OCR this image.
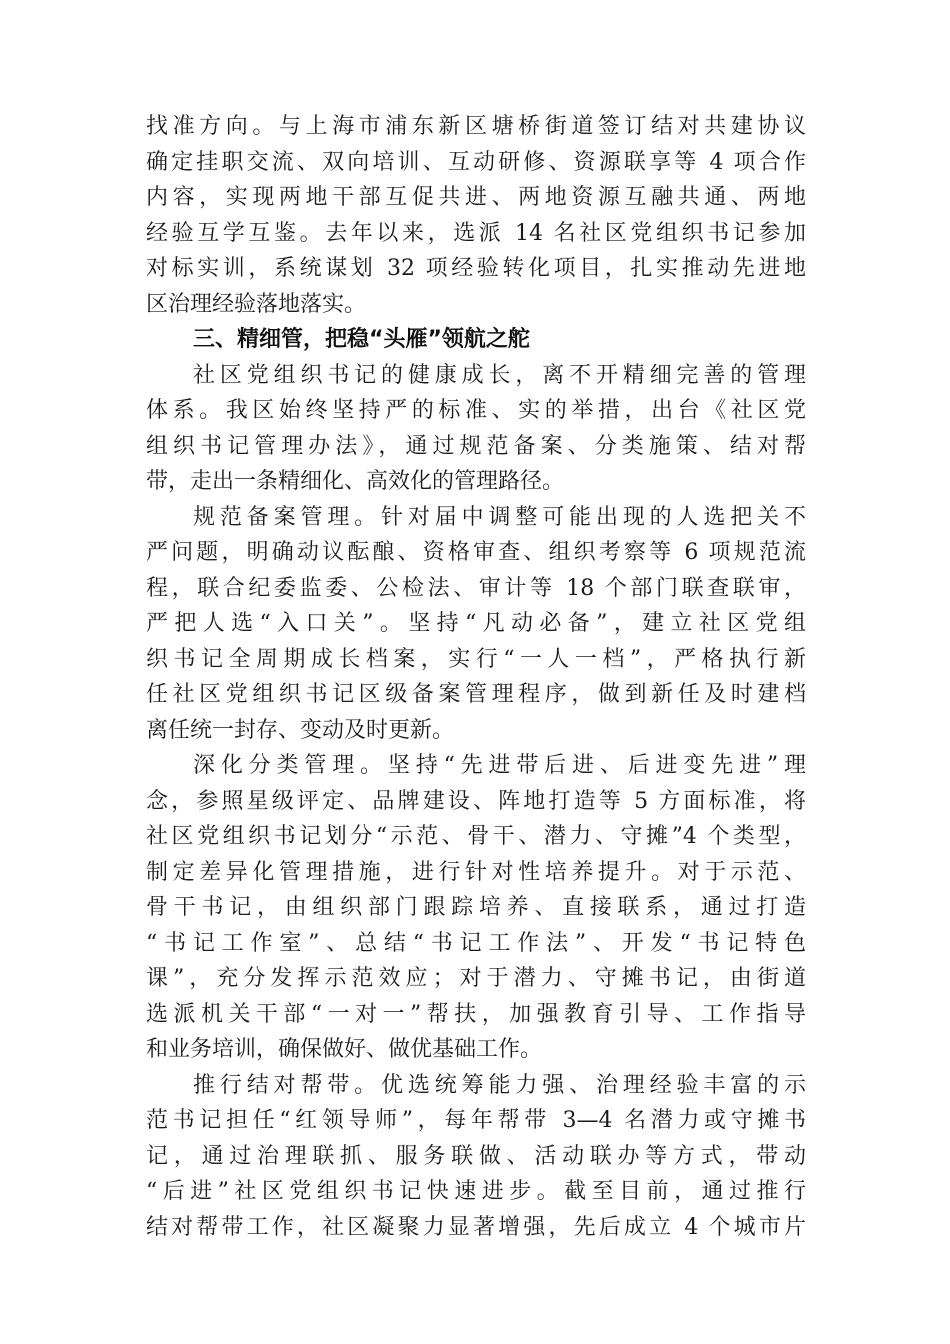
找准方向。与上海市浦东新区塘桥街道签订结对共建协议
确定挂职交流、双向培训、互动研修、资源联享等 4 项合作
内容，实现两地干部互促共进、两地资源互融共通、两地
经验互学互鉴。去年以来，选派 14 名社区党组织书记参加
对标实训，系统谋划 32 项经验转化项目，扎实推动先进地
区治理经验落地落实。
三、精细管，把稳“头雁”领航之舵
社区党组织书记的健康成长，离不开精细完善的管理
体系。我区始终坚持严的标准、实的举措，出台《社区党
组织书记管理办法》，通过规范备案、分类施策、结对帮
带，走出一条精细化、高效化的管理路径。
规范备案管理。针对届中调整可能出现的人选把关不
严问题，明确动议酝酿、资格审查、组织考察等 6 项规范流
程，联合纪委监委、公检法、审计等 18 个部门联查联审，
严把人选“入口关”。坚持“凡动必备”，建立社区党组
织书记全周期成长档案，实行“一人一档”，严格执行新
任社区党组织书记区级备案管理程序，做到新任及时建档
离任统一封存、变动及时更新。
深化分类管理。坚持“先进带后进、后进变先进”理
念，参照星级评定、品牌建设、阵地打造等 5 方面标准，将
社区党组织书记划分“示范、骨干、潜力、守摊”4 个类型，
制定差异化管理措施，进行针对性培养提升。对于示范、
骨干书记，由组织部门跟踪培养、直接联系，通过打造
“书记工作室”、总结“书记工作法”、开发“书记特色
课”，充分发挥示范效应；对于潜力、守摊书记，由街道
选派机关干部“一对一”帮扶，加强教育引导、工作指导
和业务培训，确保做好、做优基础工作。
推行结对帮带。优选统筹能力强、治理经验丰富的示
范书记担任“红领导师”，每年帮带 3—4 名潜力或守摊书
记，通过治理联抓、服务联做、活动联办等方式，带动
“后进”社区党组织书记快速进步。截至目前，通过推行
结对帮带工作，社区凝聚力显著增强，先后成立 4 个城市片
